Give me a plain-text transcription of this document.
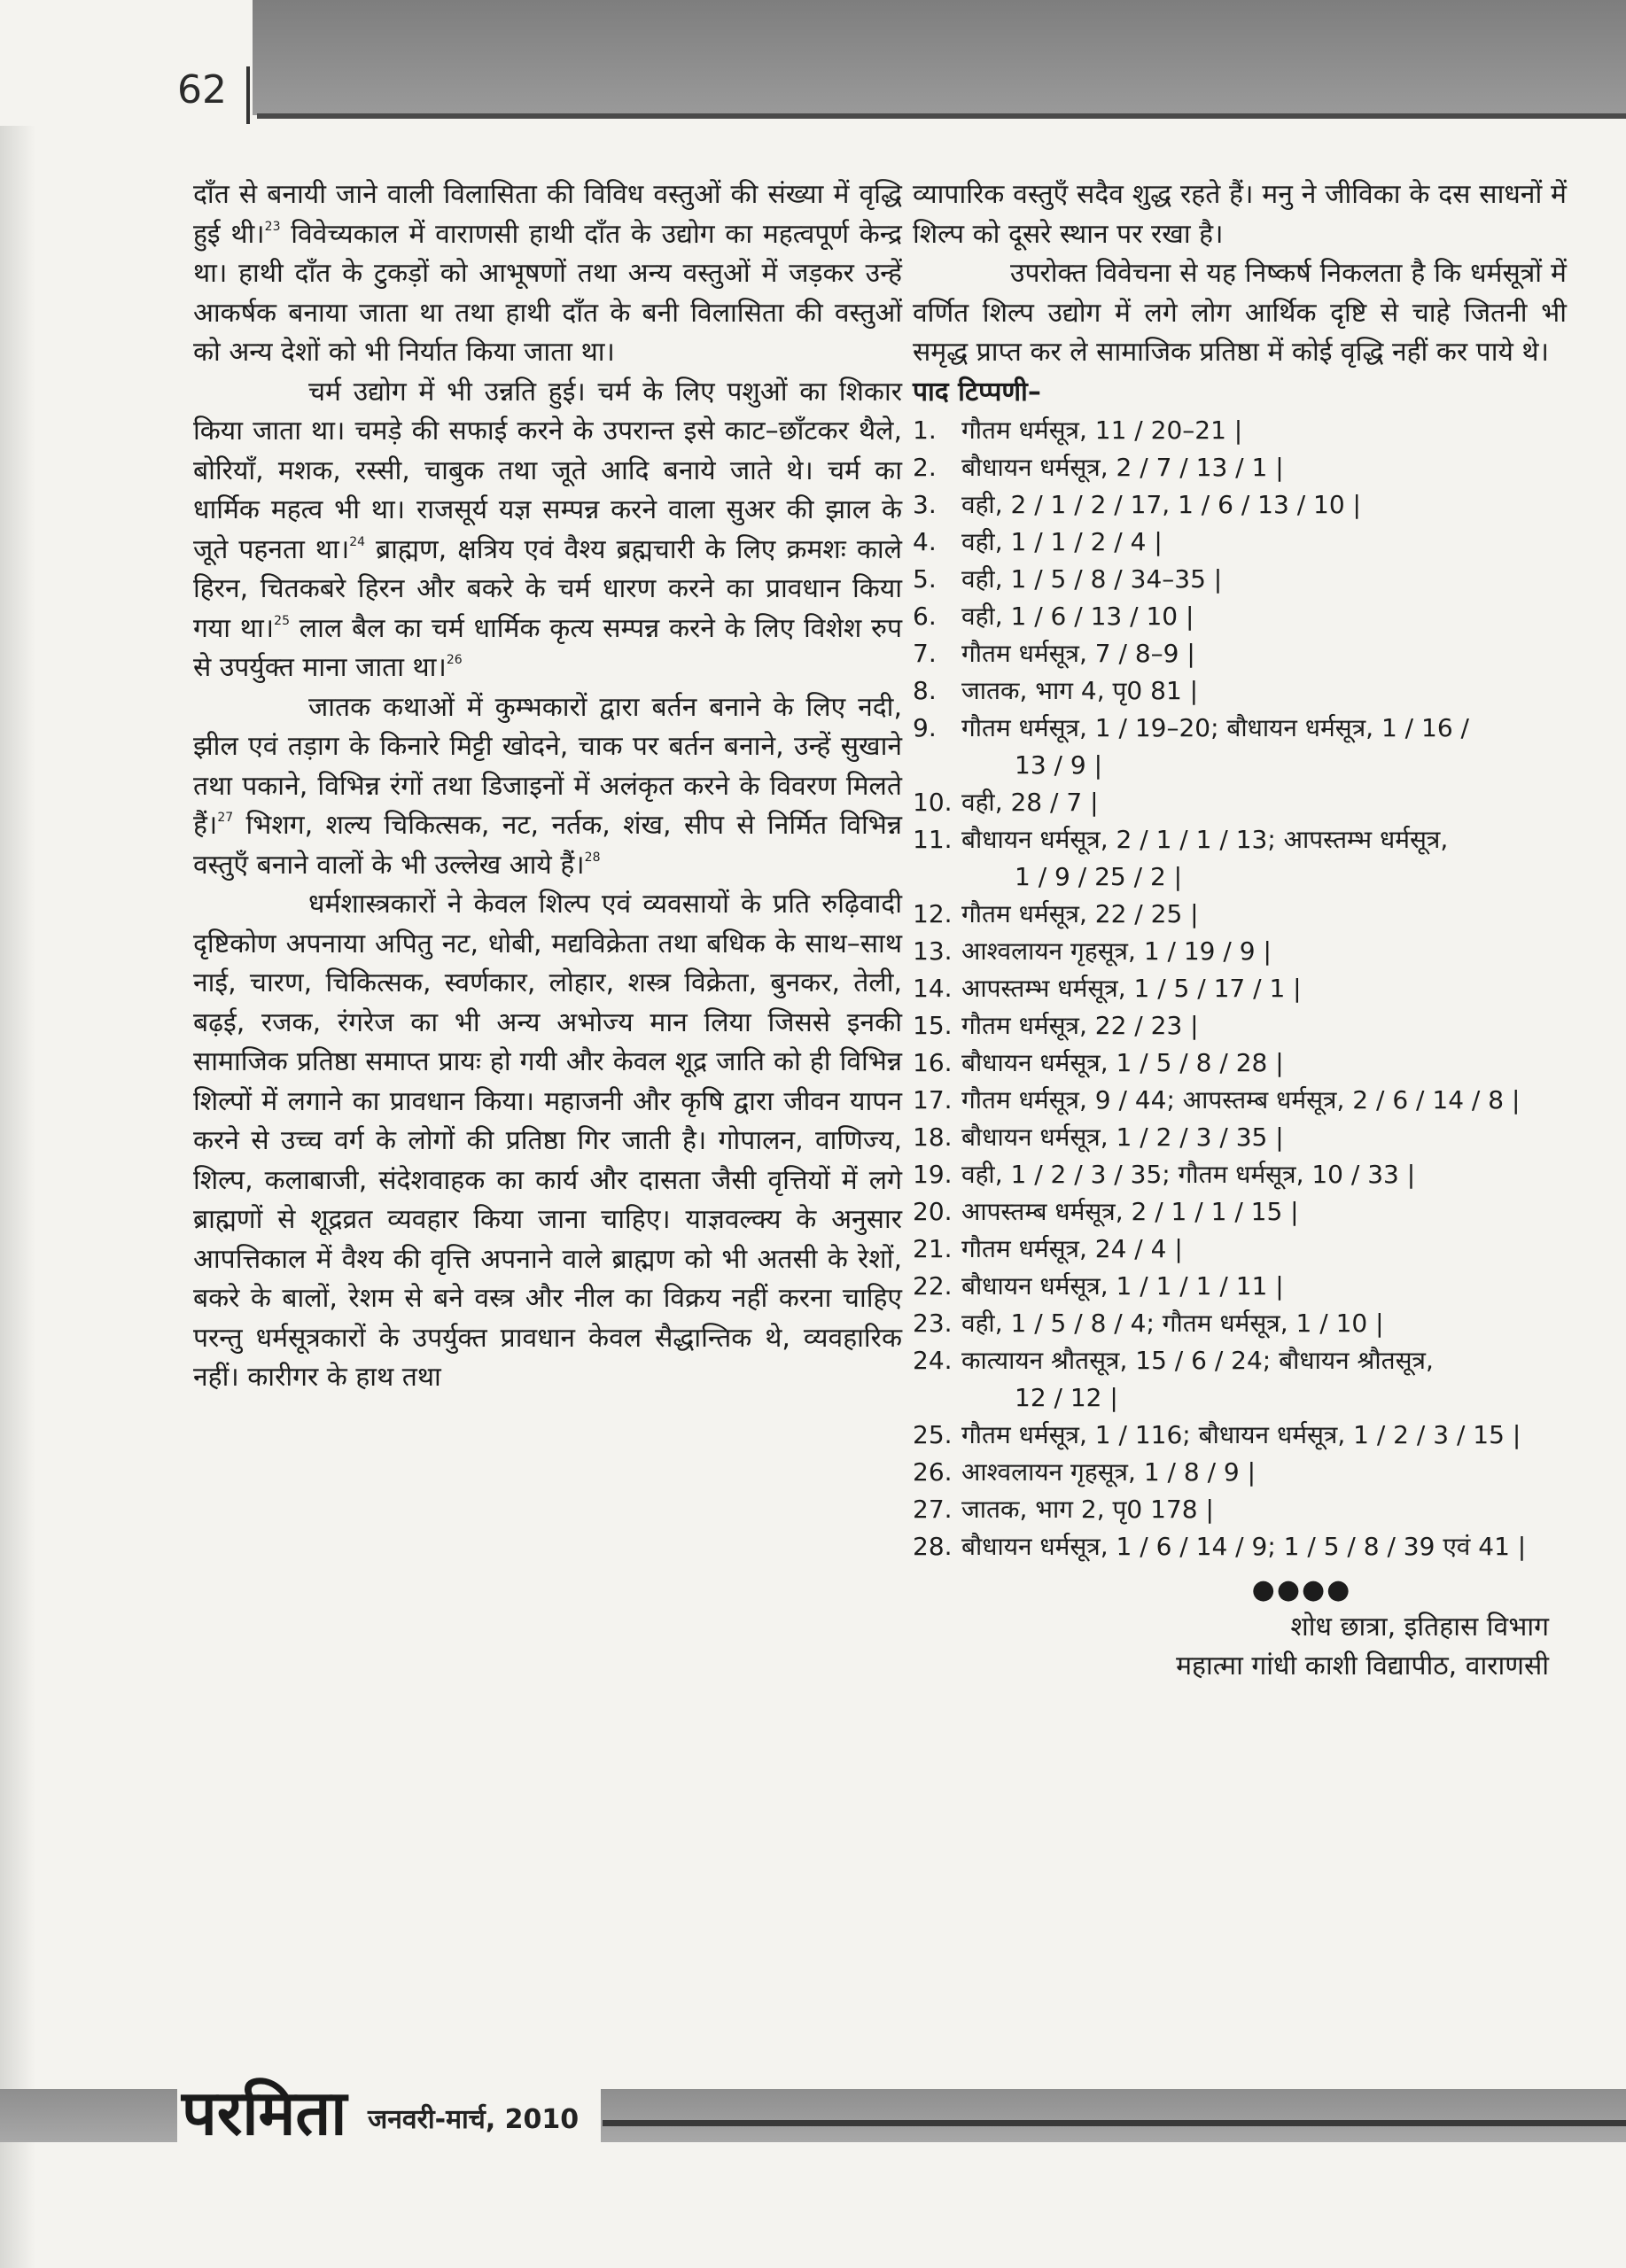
62

दाँत से बनायी जाने वाली विलासिता की विविध वस्तुओं की संख्या में वृद्धि हुई थी।$^{23}$ विवेच्यकाल में वाराणसी हाथी दाँत के उद्योग का महत्वपूर्ण केन्द्र था। हाथी दाँत के टुकड़ों को आभूषणों तथा अन्य वस्तुओं में जड़कर उन्हें आकर्षक बनाया जाता था तथा हाथी दाँत के बनी विलासिता की वस्तुओं को अन्य देशों को भी निर्यात किया जाता था।

चर्म उद्योग में भी उन्नति हुई। चर्म के लिए पशुओं का शिकार किया जाता था। चमड़े की सफाई करने के उपरान्त इसे काट–छाँटकर थैले, बोरियाँ, मशक, रस्सी, चाबुक तथा जूते आदि बनाये जाते थे। चर्म का धार्मिक महत्व भी था। राजसूर्य यज्ञ सम्पन्न करने वाला सुअर की झाल के जूते पहनता था।$^{24}$ ब्राह्मण, क्षत्रिय एवं वैश्य ब्रह्मचारी के लिए क्रमशः काले हिरन, चितकबरे हिरन और बकरे के चर्म धारण करने का प्रावधान किया गया था।$^{25}$ लाल बैल का चर्म धार्मिक कृत्य सम्पन्न करने के लिए विशेश रुप से उपर्युक्त माना जाता था।$^{26}$

जातक कथाओं में कुम्भकारों द्वारा बर्तन बनाने के लिए नदी, झील एवं तड़ाग के किनारे मिट्टी खोदने, चाक पर बर्तन बनाने, उन्हें सुखाने तथा पकाने, विभिन्न रंगों तथा डिजाइनों में अलंकृत करने के विवरण मिलते हैं।$^{27}$ भिशग, शल्य चिकित्सक, नट, नर्तक, शंख, सीप से निर्मित विभिन्न वस्तुएँ बनाने वालों के भी उल्लेख आये हैं।$^{28}$

धर्मशास्त्रकारों ने केवल शिल्प एवं व्यवसायों के प्रति रुढ़िवादी दृष्टिकोण अपनाया अपितु नट, धोबी, मद्यविक्रेता तथा बधिक के साथ–साथ नाई, चारण, चिकित्सक, स्वर्णकार, लोहार, शस्त्र विक्रेता, बुनकर, तेली, बढ़ई, रजक, रंगरेज का भी अन्य अभोज्य मान लिया जिससे इनकी सामाजिक प्रतिष्ठा समाप्त प्रायः हो गयी और केवल शूद्र जाति को ही विभिन्न शिल्पों में लगाने का प्रावधान किया। महाजनी और कृषि द्वारा जीवन यापन करने से उच्च वर्ग के लोगों की प्रतिष्ठा गिर जाती है। गोपालन, वाणिज्य, शिल्प, कलाबाजी, संदेशवाहक का कार्य और दासता जैसी वृत्तियों में लगे ब्राह्मणों से शूद्रव्रत व्यवहार किया जाना चाहिए। याज्ञवल्क्य के अनुसार आपत्तिकाल में वैश्य की वृत्ति अपनाने वाले ब्राह्मण को भी अतसी के रेशों, बकरे के बालों, रेशम से बने वस्त्र और नील का विक्रय नहीं करना चाहिए परन्तु धर्मसूत्रकारों के उपर्युक्त प्रावधान केवल सैद्धान्तिक थे, व्यवहारिक नहीं। कारीगर के हाथ तथा

व्यापारिक वस्तुएँ सदैव शुद्ध रहते हैं। मनु ने जीविका के दस साधनों में शिल्प को दूसरे स्थान पर रखा है।

उपरोक्त विवेचना से यह निष्कर्ष निकलता है कि धर्मसूत्रों में वर्णित शिल्प उद्योग में लगे लोग आर्थिक दृष्टि से चाहे जितनी भी समृद्ध प्राप्त कर ले सामाजिक प्रतिष्ठा में कोई वृद्धि नहीं कर पाये थे।

पाद टिप्पणी–

1.	गौतम धर्मसूत्र, 11 / 20–21 |
2.	बौधायन धर्मसूत्र, 2 / 7 / 13 / 1 |
3.	वही, 2 / 1 / 2 / 17, 1 / 6 / 13 / 10 |
4.	वही, 1 / 1 / 2 / 4 |
5.	वही, 1 / 5 / 8 / 34–35 |
6.	वही, 1 / 6 / 13 / 10 |
7.	गौतम धर्मसूत्र, 7 / 8–9 |
8.	जातक, भाग 4, पृ0 81 |
9.	गौतम धर्मसूत्र, 1 / 19–20; बौधायन धर्मसूत्र, 1 / 16 /
13 / 9 |
10. वही, 28 / 7 |
11. बौधायन धर्मसूत्र, 2 / 1 / 1 / 13; आपस्तम्भ धर्मसूत्र,
1 / 9 / 25 / 2 |
12. गौतम धर्मसूत्र, 22 / 25 |
13. आश्वलायन गृहसूत्र, 1 / 19 / 9 |
14. आपस्तम्भ धर्मसूत्र, 1 / 5 / 17 / 1 |
15. गौतम धर्मसूत्र, 22 / 23 |
16. बौधायन धर्मसूत्र, 1 / 5 / 8 / 28 |
17. गौतम धर्मसूत्र, 9 / 44; आपस्तम्ब धर्मसूत्र, 2 / 6 / 14 / 8 |
18. बौधायन धर्मसूत्र, 1 / 2 / 3 / 35 |
19. वही, 1 / 2 / 3 / 35; गौतम धर्मसूत्र, 10 / 33 |
20. आपस्तम्ब धर्मसूत्र, 2 / 1 / 1 / 15 |
21. गौतम धर्मसूत्र, 24 / 4 |
22. बौधायन धर्मसूत्र, 1 / 1 / 1 / 11 |
23. वही, 1 / 5 / 8 / 4; गौतम धर्मसूत्र, 1 / 10 |
24. कात्यायन श्रौतसूत्र, 15 / 6 / 24; बौधायन श्रौतसूत्र,
12 / 12 |
25. गौतम धर्मसूत्र, 1 / 116; बौधायन धर्मसूत्र, 1 / 2 / 3 / 15 |
26. आश्वलायन गृहसूत्र, 1 / 8 / 9 |
27. जातक, भाग 2, पृ0 178 |
28. बौधायन धर्मसूत्र, 1 / 6 / 14 / 9; 1 / 5 / 8 / 39 एवं 41 |
●●●●
शोध छात्रा, इतिहास विभाग
महात्मा गांधी काशी विद्यापीठ, वाराणसी
परमिता जनवरी-मार्च, 2010
